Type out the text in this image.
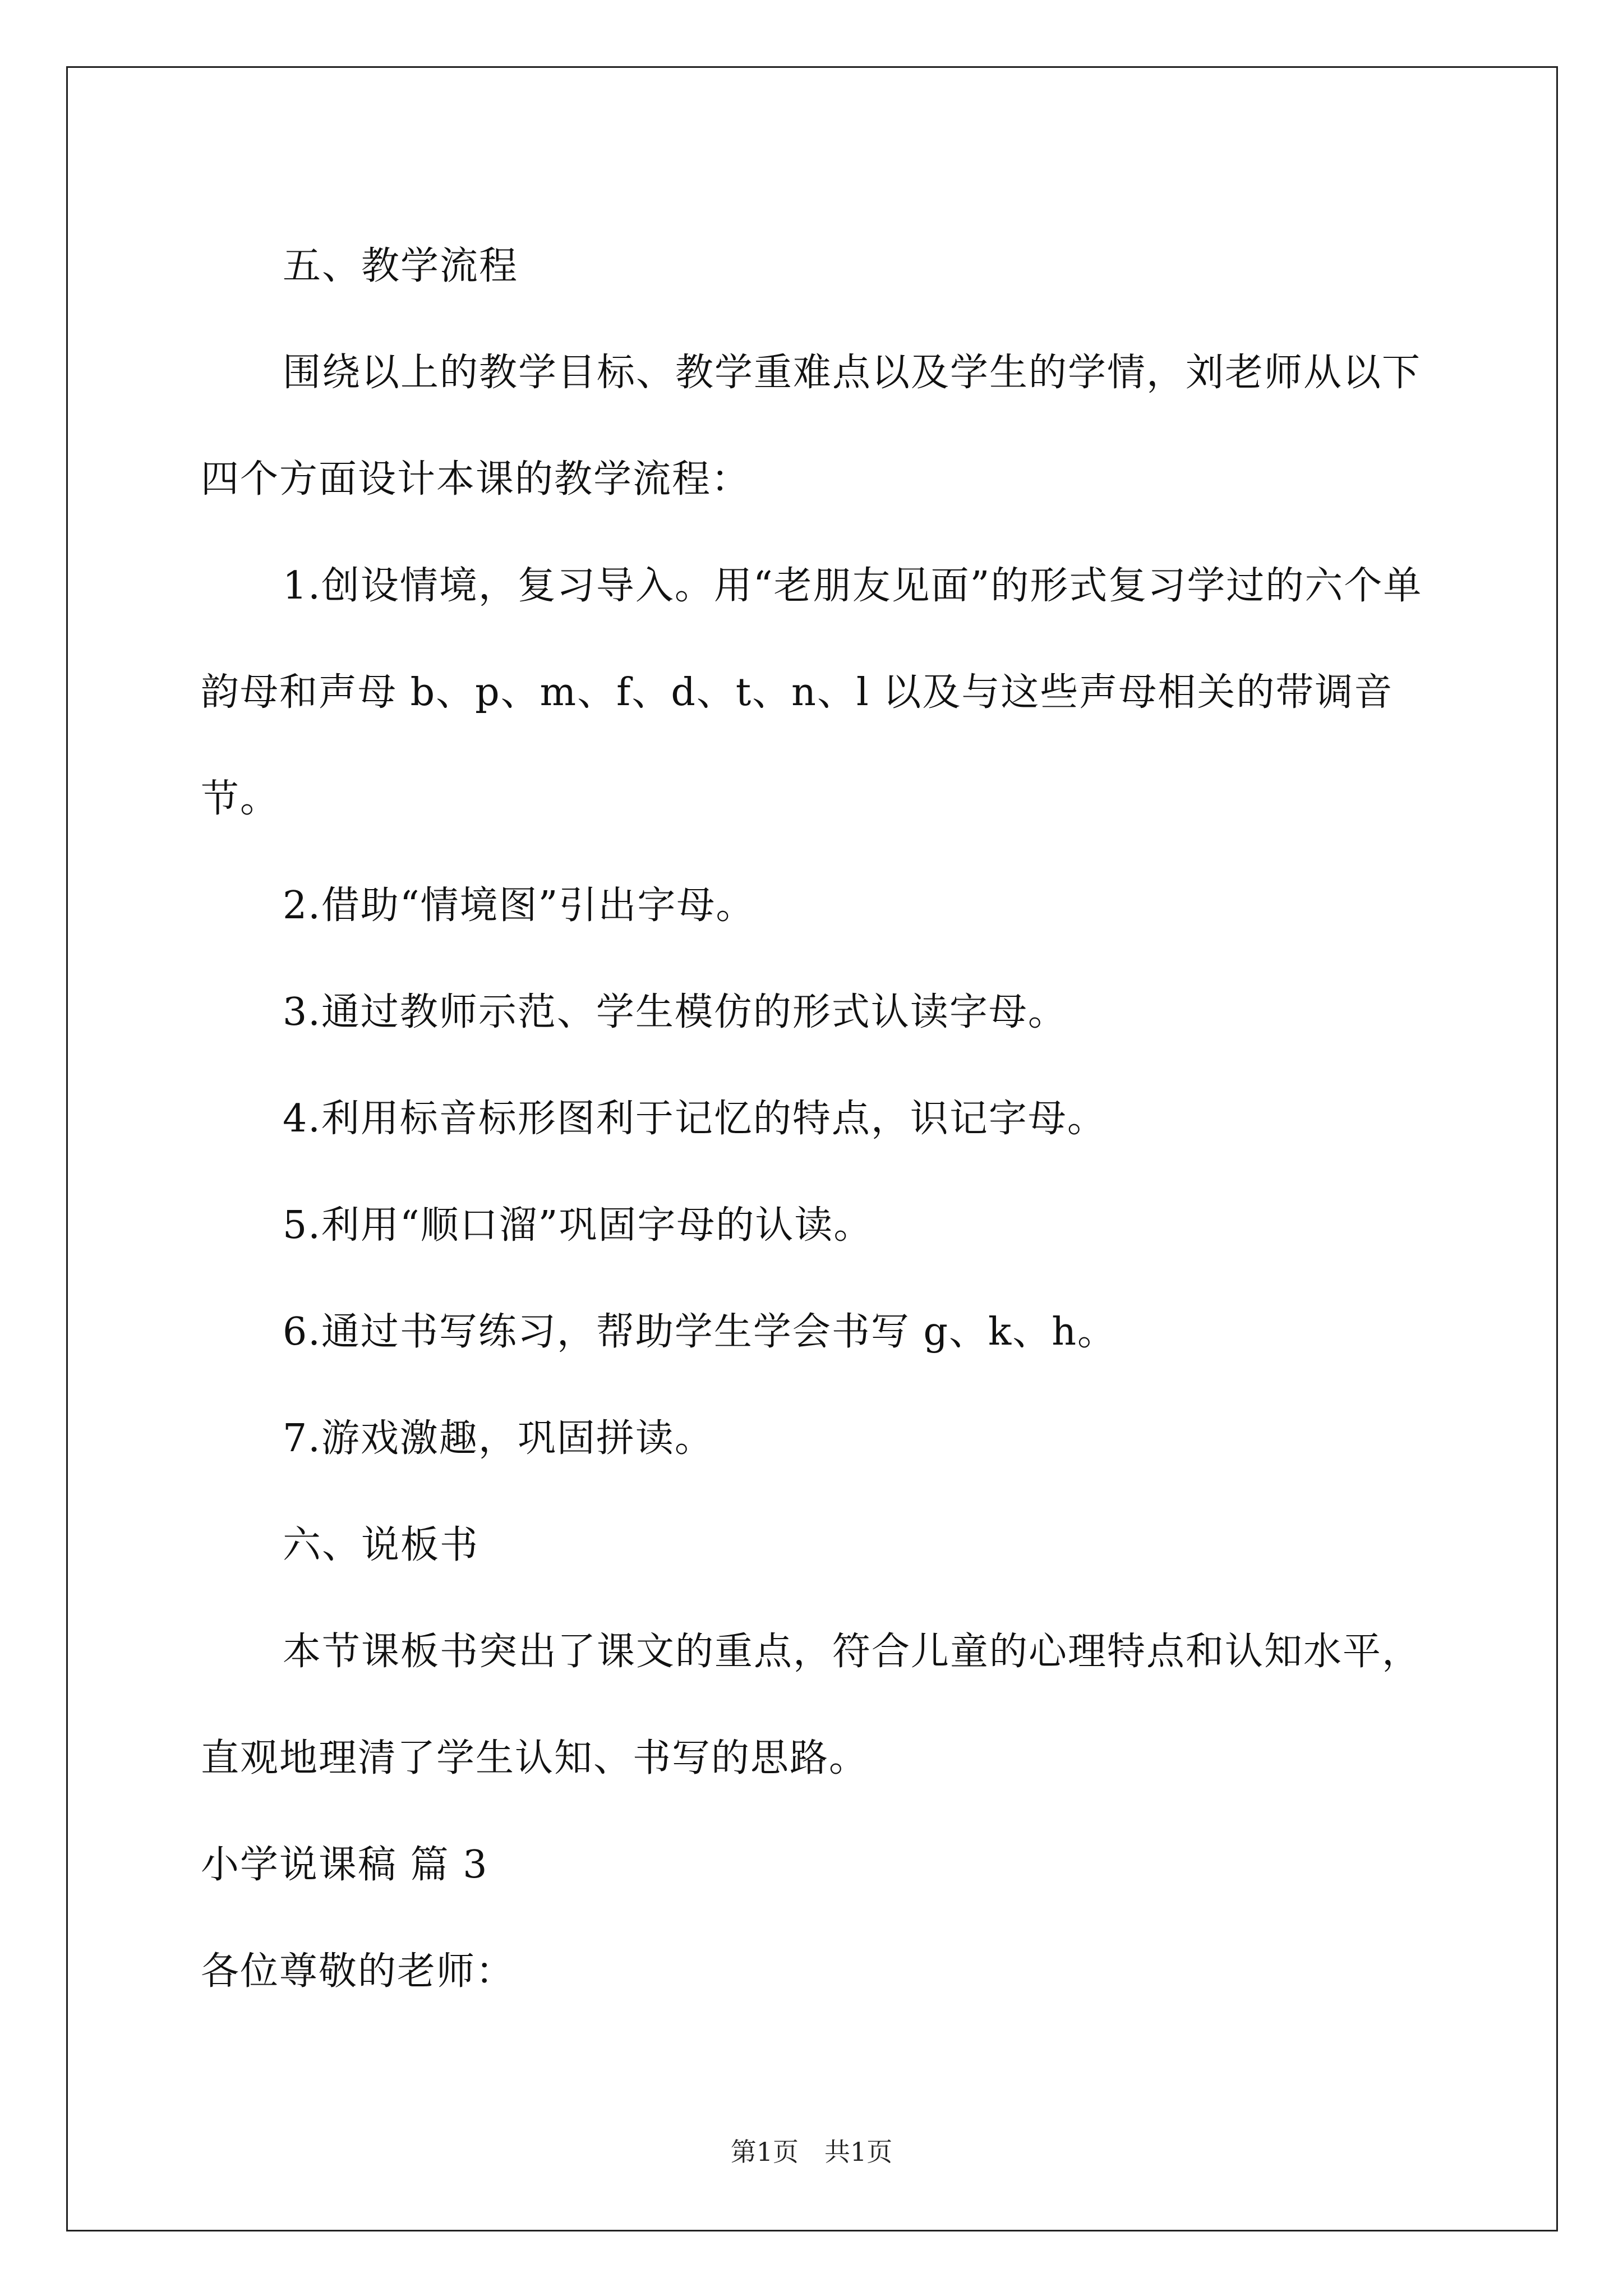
五、教学流程

围绕以上的教学目标、教学重难点以及学生的学情，刘老师从以下四个方面设计本课的教学流程：

1.创设情境，复习导入。用“老朋友见面”的形式复习学过的六个单韵母和声母 b、p、m、f、d、t、n、l 以及与这些声母相关的带调音节。

2.借助“情境图”引出字母。

3.通过教师示范、学生模仿的形式认读字母。

4.利用标音标形图利于记忆的特点，识记字母。

5.利用“顺口溜”巩固字母的认读。

6.通过书写练习，帮助学生学会书写 g、k、h。

7.游戏激趣，巩固拼读。

六、说板书

本节课板书突出了课文的重点，符合儿童的心理特点和认知水平，直观地理清了学生认知、书写的思路。

小学说课稿 篇 3

各位尊敬的老师：

第1页　共1页
